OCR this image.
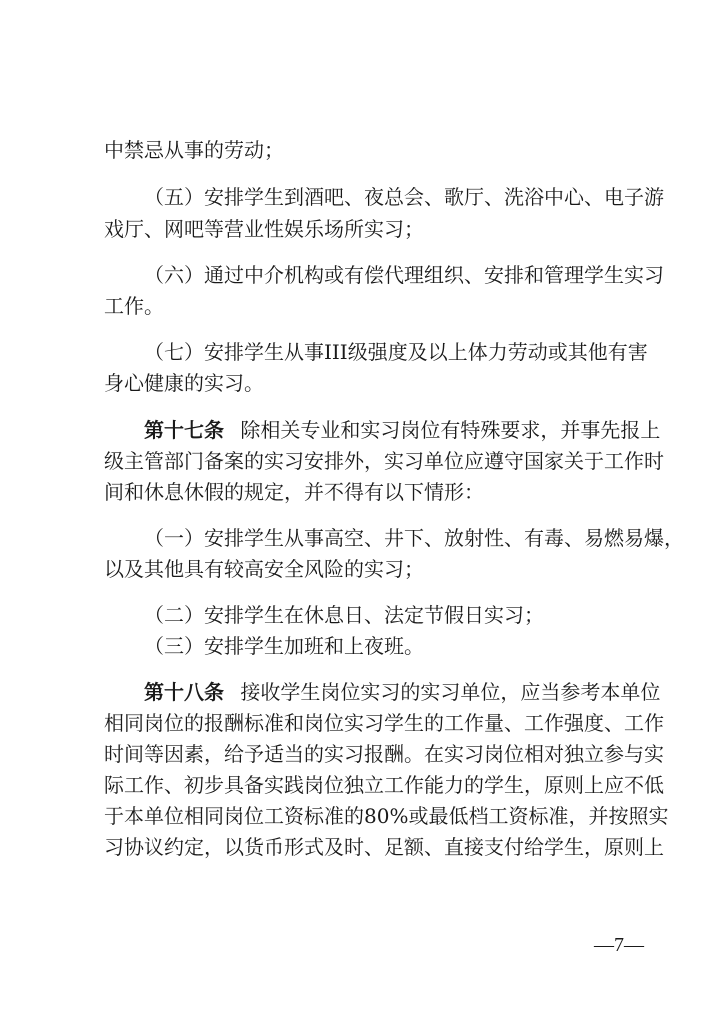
中禁忌从事的劳动；
（五）安排学生到酒吧、夜总会、歌厅、洗浴中心、电子游
戏厅、网吧等营业性娱乐场所实习；
（六）通过中介机构或有偿代理组织、安排和管理学生实习
工作。
（七）安排学生从事III级强度及以上体力劳动或其他有害
身心健康的实习。
第十七条 除相关专业和实习岗位有特殊要求，并事先报上
级主管部门备案的实习安排外，实习单位应遵守国家关于工作时
间和休息休假的规定，并不得有以下情形：
（一）安排学生从事高空、井下、放射性、有毒、易燃易爆，
以及其他具有较高安全风险的实习；
（二）安排学生在休息日、法定节假日实习；
（三）安排学生加班和上夜班。
第十八条 接收学生岗位实习的实习单位，应当参考本单位
相同岗位的报酬标准和岗位实习学生的工作量、工作强度、工作
时间等因素，给予适当的实习报酬。在实习岗位相对独立参与实
际工作、初步具备实践岗位独立工作能力的学生，原则上应不低
于本单位相同岗位工资标准的80%或最低档工资标准，并按照实
习协议约定，以货币形式及时、足额、直接支付给学生，原则上
—7—
